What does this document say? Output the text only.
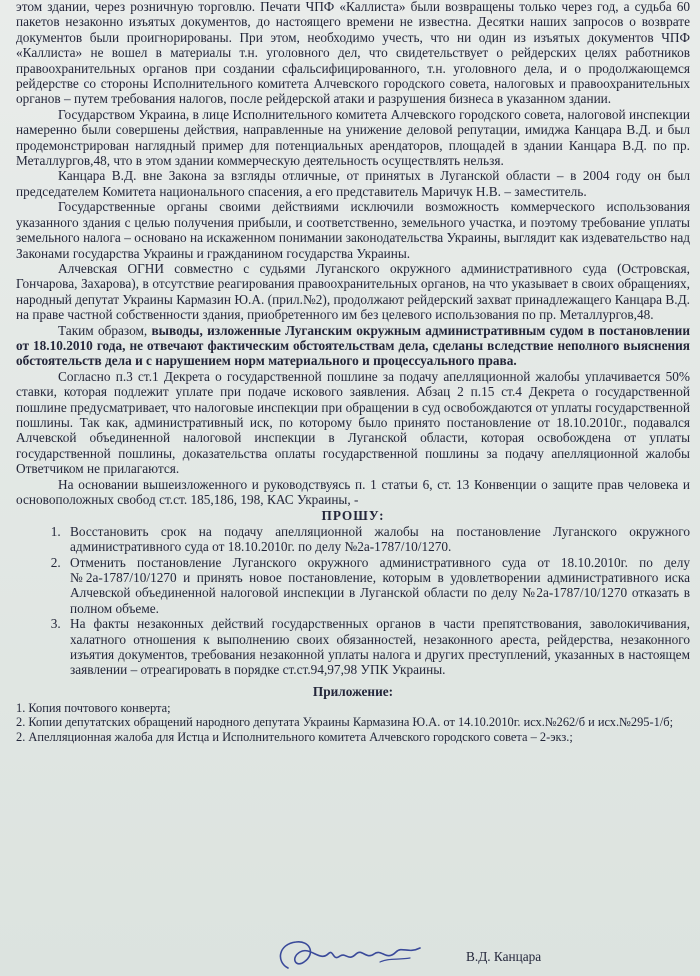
этом здании, через розничную торговлю. Печати ЧПФ «Каллиста» были возвращены только через год, а судьба 60 пакетов незаконно изъятых документов, до настоящего времени не известна. Десятки наших запросов о возврате документов были проигнорированы. При этом, необходимо учесть, что ни один из изъятых документов ЧПФ «Каллиста» не вошел в материалы т.н. уголовного дел, что свидетельствует о рейдерских целях работников правоохранительных органов при создании сфальсифицированного, т.н. уголовного дела, и о продолжающемся рейдерстве со стороны Исполнительного комитета Алчевского городского совета, налоговых и правоохранительных органов – путем требования налогов, после рейдерской атаки и разрушения бизнеса в указанном здании.

Государством Украина, в лице Исполнительного комитета Алчевского городского совета, налоговой инспекции намеренно были совершены действия, направленные на унижение деловой репутации, имиджа Канцара В.Д. и был продемонстрирован наглядный пример для потенциальных арендаторов, площадей в здании Канцара В.Д. по пр. Металлургов,48, что в этом здании коммерческую деятельность осуществлять нельзя.

Канцара В.Д. вне Закона за взгляды отличные, от принятых в Луганской области – в 2004 году он был председателем Комитета национального спасения, а его представитель Маричук Н.В. – заместитель.

Государственные органы своими действиями исключили возможность коммерческого использования указанного здания с целью получения прибыли, и соответственно, земельного участка, и поэтому требование уплаты земельного налога – основано на искаженном понимании законодательства Украины, выглядит как издевательство над Законами государства Украины и гражданином государства Украины.

Алчевская ОГНИ совместно с судьями Луганского окружного административного суда (Островская, Гончарова, Захарова), в отсутствие реагирования правоохранительных органов, на что указывает в своих обращениях, народный депутат Украины Кармазин Ю.А. (прил.№2), продолжают рейдерский захват принадлежащего Канцара В.Д. на праве частной собственности здания, приобретенного им без целевого использования по пр. Металлургов,48.

Таким образом, выводы, изложенные Луганским окружным административным судом в постановлении от 18.10.2010 года, не отвечают фактическим обстоятельствам дела, сделаны вследствие неполного выяснения обстоятельств дела и с нарушением норм материального и процессуального права.

Согласно п.3 ст.1 Декрета о государственной пошлине за подачу апелляционной жалобы уплачивается 50% ставки, которая подлежит уплате при подаче искового заявления. Абзац 2 п.15 ст.4 Декрета о государственной пошлине предусматривает, что налоговые инспекции при обращении в суд освобождаются от уплаты государственной пошлины. Так как, административный иск, по которому было принято постановление от 18.10.2010г., подавался Алчевской объединенной налоговой инспекции в Луганской области, которая освобождена от уплаты государственной пошлины, доказательства оплаты государственной пошлины за подачу апелляционной жалобы Ответчиком не прилагаются.

На основании вышеизложенного и руководствуясь п. 1 статьи 6, ст. 13 Конвенции о защите прав человека и основоположных свобод ст.ст. 185,186, 198, КАС Украины, -

ПРОШУ:

1. Восстановить срок на подачу апелляционной жалобы на постановление Луганского окружного административного суда от 18.10.2010г. по делу №2а-1787/10/1270.
2. Отменить постановление Луганского окружного административного суда от 18.10.2010г. по делу №2а-1787/10/1270 и принять новое постановление, которым в удовлетворении административного иска Алчевской объединенной налоговой инспекции в Луганской области по делу №2а-1787/10/1270 отказать в полном объеме.
3. На факты незаконных действий государственных органов в части препятствования, заволокичивания, халатного отношения к выполнению своих обязанностей, незаконного ареста, рейдерства, незаконного изъятия документов, требования незаконной уплаты налога и других преступлений, указанных в настоящем заявлении – отреагировать в порядке ст.ст.94,97,98 УПК Украины.

Приложение:

1. Копия почтового конверта;

2. Копии депутатских обращений народного депутата Украины Кармазина Ю.А. от 14.10.2010г. исх.№262/б и исх.№295-1/б;

2. Апелляционная жалоба для Истца и Исполнительного комитета Алчевского городского совета – 2-экз.;

В.Д. Канцара
